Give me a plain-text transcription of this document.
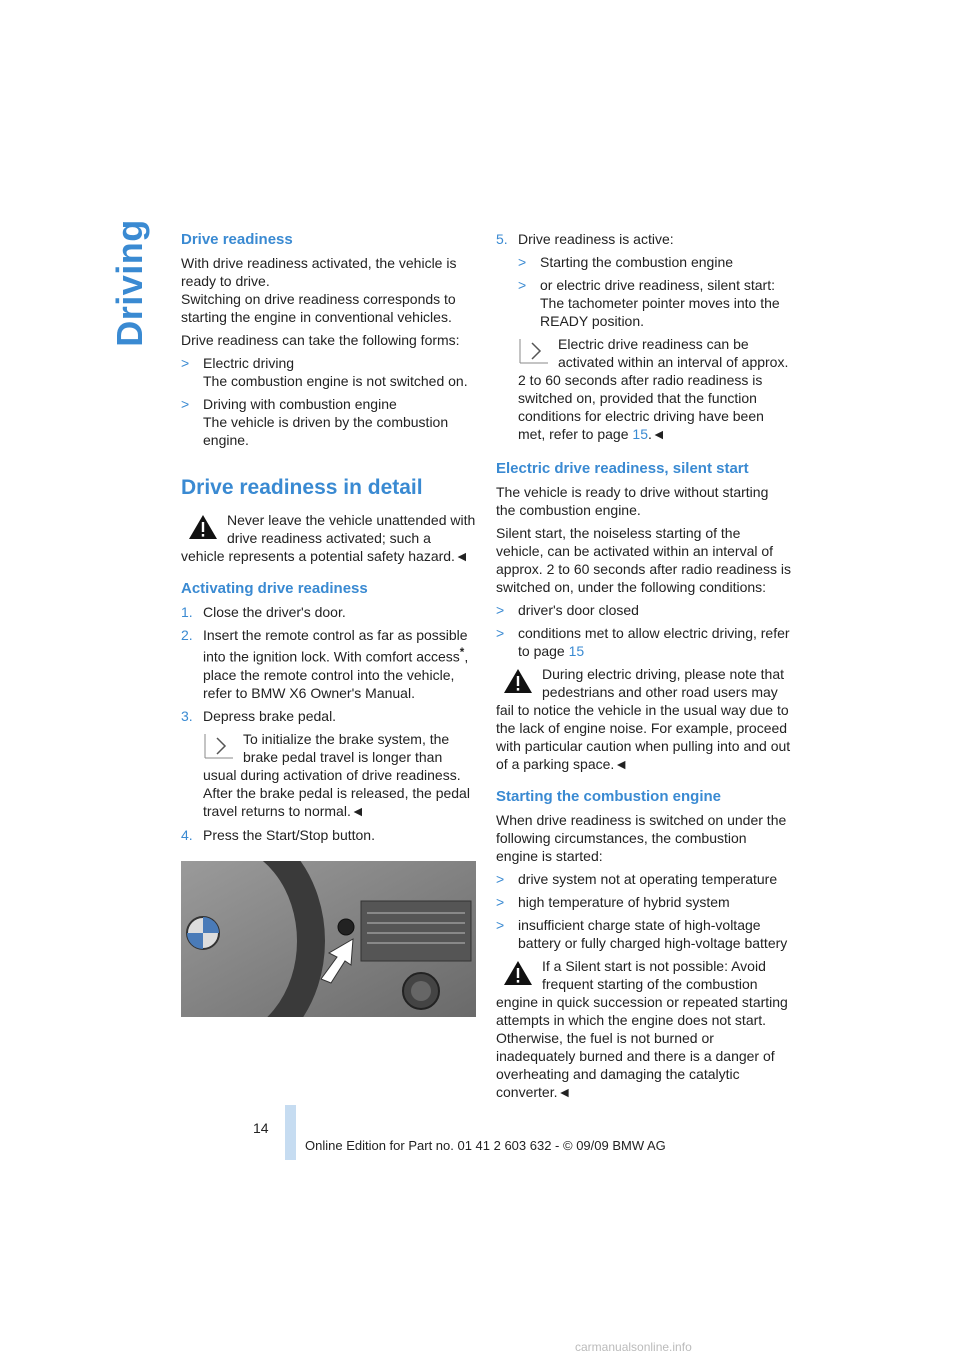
Driving Drive readiness

With drive readiness activated, the vehicle is ready to drive.
Switching on drive readiness corresponds to starting the engine in conventional vehicles.

Drive readiness can take the following forms:

> Electric driving
The combustion engine is not switched on.
> Driving with combustion engine
The vehicle is driven by the combustion engine.
Drive readiness in detail
Never leave the vehicle unattended with drive readiness activated; such a vehicle represents a potential safety hazard.◄
Activating drive readiness
1. Close the driver's door.
2. Insert the remote control as far as possible into the ignition lock. With comfort access*, place the remote control into the vehicle, refer to BMW X6 Owner's Manual.
3. Depress brake pedal.
To initialize the brake system, the brake pedal travel is longer than usual during activation of drive readiness. After the brake pedal is released, the pedal travel returns to normal.◄
4. Press the Start/Stop button.
5. Drive readiness is active:
> Starting the combustion engine
> or electric drive readiness, silent start: The tachometer pointer moves into the READY position.
Electric drive readiness can be activated within an interval of approx. 2 to 60 seconds after radio readiness is switched on, provided that the function conditions for electric driving have been met, refer to page 15.◄
Electric drive readiness, silent start

The vehicle is ready to drive without starting the combustion engine.

Silent start, the noiseless starting of the vehicle, can be activated within an interval of approx. 2 to 60 seconds after radio readiness is switched on, under the following conditions:

> driver's door closed
> conditions met to allow electric driving, refer to page 15
During electric driving, please note that pedestrians and other road users may fail to notice the vehicle in the usual way due to the lack of engine noise. For example, proceed with particular caution when pulling into and out of a parking space.◄
Starting the combustion engine

When drive readiness is switched on under the following circumstances, the combustion engine is started:

> drive system not at operating temperature
> high temperature of hybrid system
> insufficient charge state of high-voltage battery or fully charged high-voltage battery
If a Silent start is not possible: Avoid frequent starting of the combustion engine in quick succession or repeated starting attempts in which the engine does not start. Otherwise, the fuel is not burned or inadequately burned and there is a danger of overheating and damaging the catalytic converter.◄
14
Online Edition for Part no. 01 41 2 603 632 - © 09/09 BMW AG
carmanualsonline.info
